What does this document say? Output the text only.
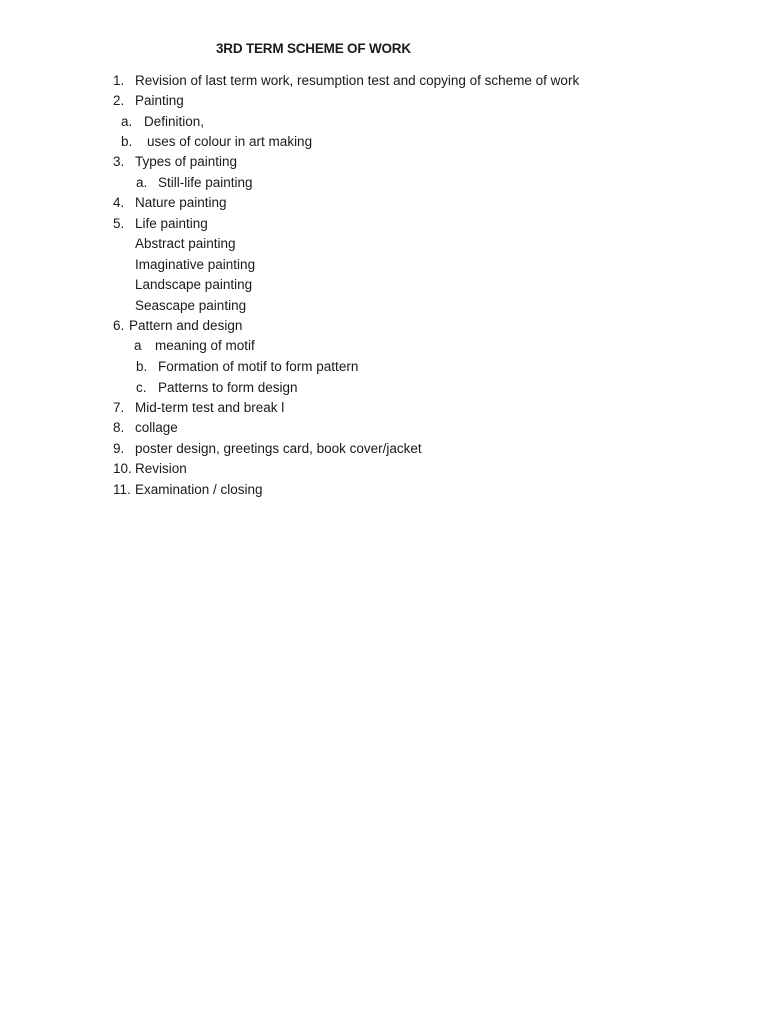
3RD TERM SCHEME OF WORK
1. Revision of last term work, resumption test and copying of scheme of work
2. Painting
a. Definition,
b. uses of colour in art making
3. Types of painting
a. Still-life painting
4. Nature painting
5. Life painting
Abstract painting
Imaginative painting
Landscape painting
Seascape painting
6. Pattern and design
a meaning of motif
b. Formation of motif to form pattern
c. Patterns to form design
7. Mid-term test and break l
8. collage
9. poster design, greetings card, book cover/jacket
10. Revision
11. Examination / closing
